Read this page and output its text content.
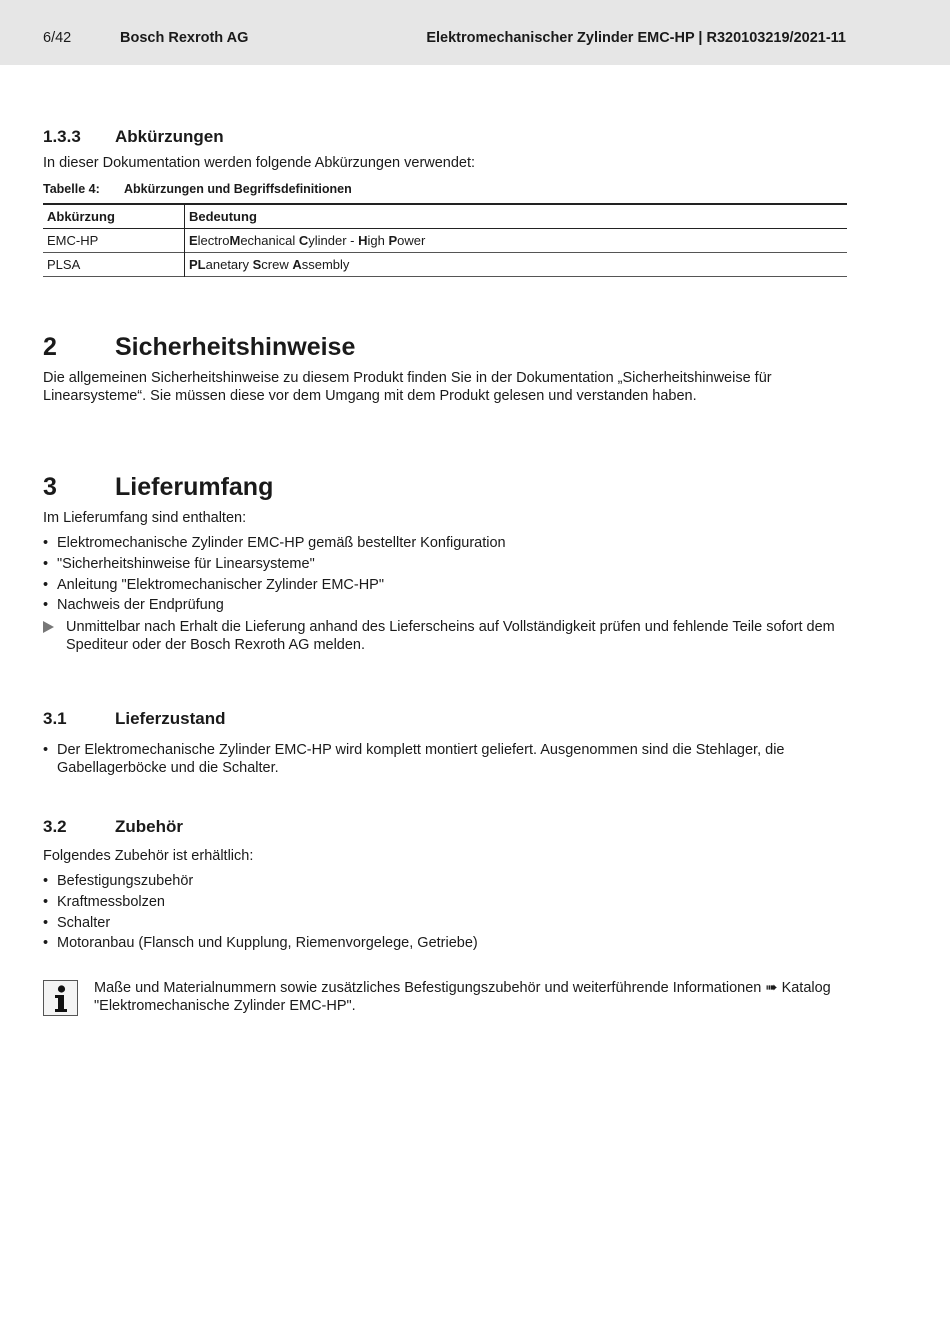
6/42	Bosch Rexroth AG	Elektromechanischer Zylinder EMC-HP | R320103219/2021-11
1.3.3 Abkürzungen
In dieser Dokumentation werden folgende Abkürzungen verwendet:
Tabelle 4: Abkürzungen und Begriffsdefinitionen
Abkürzung	Bedeutung
EMC-HP	ElectroMechanical Cylinder - High Power
PLSA	PLanetary Screw Assembly
2 Sicherheitshinweise
Die allgemeinen Sicherheitshinweise zu diesem Produkt finden Sie in der Dokumentation „Sicherheitshinweise für Linearsysteme“. Sie müssen diese vor dem Umgang mit dem Produkt gelesen und verstanden haben.
3 Lieferumfang
Im Lieferumfang sind enthalten:
• Elektromechanische Zylinder EMC-HP gemäß bestellter Konfiguration
• "Sicherheitshinweise für Linearsysteme"
• Anleitung "Elektromechanischer Zylinder EMC-HP"
• Nachweis der Endprüfung
Unmittelbar nach Erhalt die Lieferung anhand des Lieferscheins auf Vollständigkeit prüfen und fehlende Teile sofort dem Spediteur oder der Bosch Rexroth AG melden.
3.1	Lieferzustand
• Der Elektromechanische Zylinder EMC-HP wird komplett montiert geliefert. Ausgenommen sind die Stehlager, die Gabellagerböcke und die Schalter.
3.2	Zubehör
Folgendes Zubehör ist erhältlich:
• Befestigungszubehör
• Kraftmessbolzen
• Schalter
• Motoranbau (Flansch und Kupplung, Riemenvorgelege, Getriebe)
Maße und Materialnummern sowie zusätzliches Befestigungszubehör und weiterführende Informationen ➠ Katalog "Elektromechanische Zylinder EMC-HP".
